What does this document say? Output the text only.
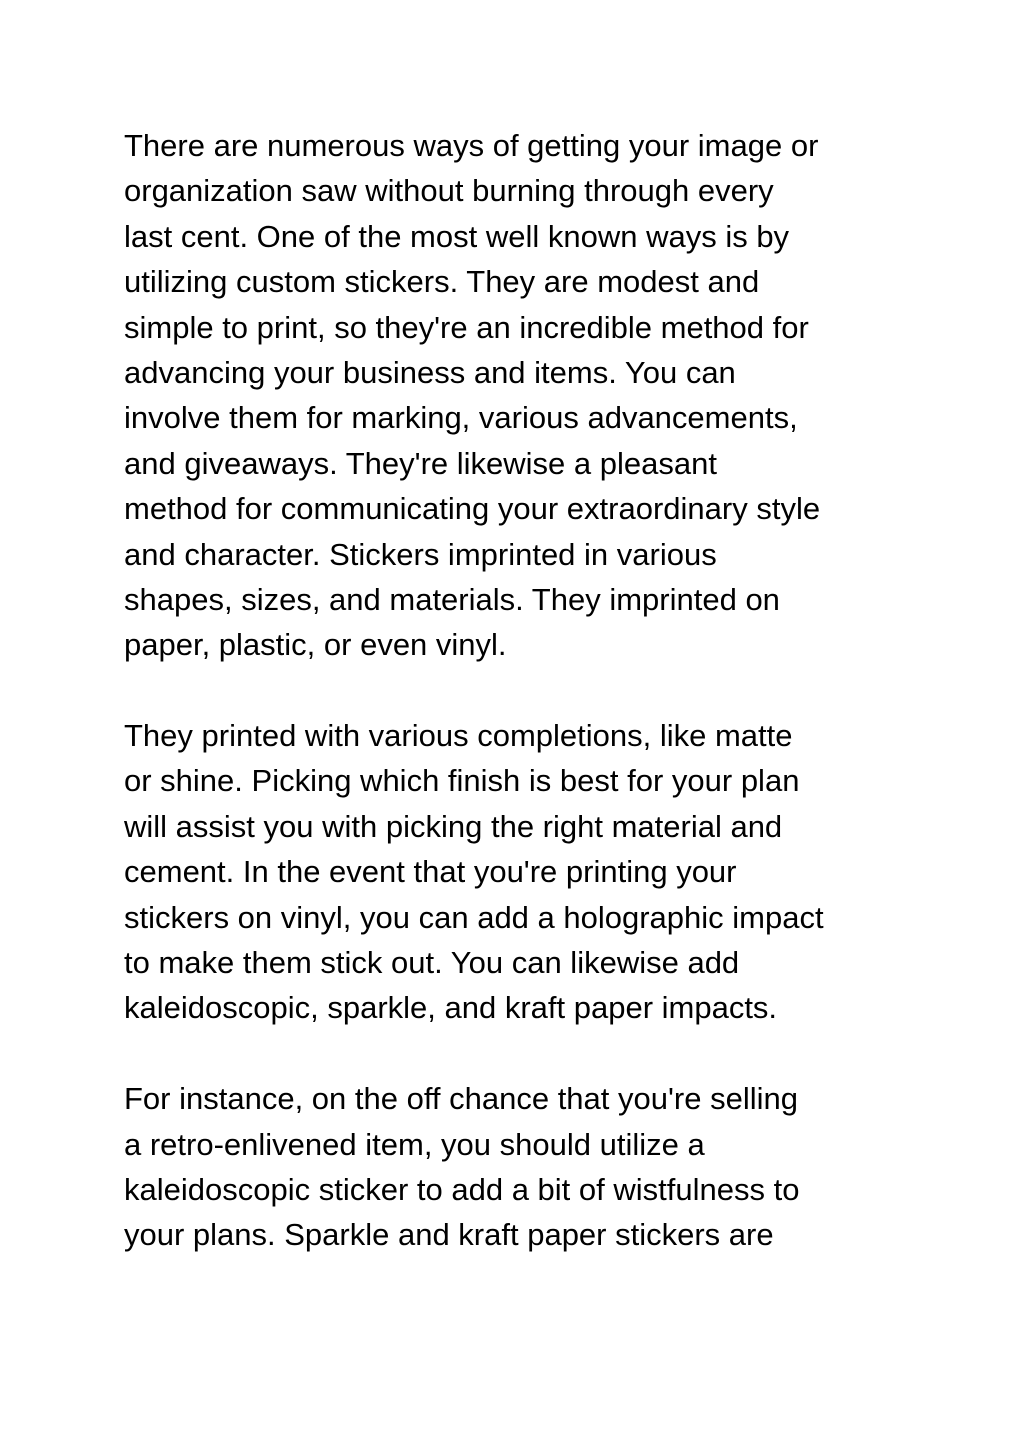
There are numerous ways of getting your image or
organization saw without burning through every
last cent. One of the most well known ways is by
utilizing custom stickers. They are modest and
simple to print, so they're an incredible method for
advancing your business and items. You can
involve them for marking, various advancements,
and giveaways. They're likewise a pleasant
method for communicating your extraordinary style
and character. Stickers imprinted in various
shapes, sizes, and materials. They imprinted on
paper, plastic, or even vinyl.
They printed with various completions, like matte
or shine. Picking which finish is best for your plan
will assist you with picking the right material and
cement. In the event that you're printing your
stickers on vinyl, you can add a holographic impact
to make them stick out. You can likewise add
kaleidoscopic, sparkle, and kraft paper impacts.
For instance, on the off chance that you're selling
a retro-enlivened item, you should utilize a
kaleidoscopic sticker to add a bit of wistfulness to
your plans. Sparkle and kraft paper stickers are
